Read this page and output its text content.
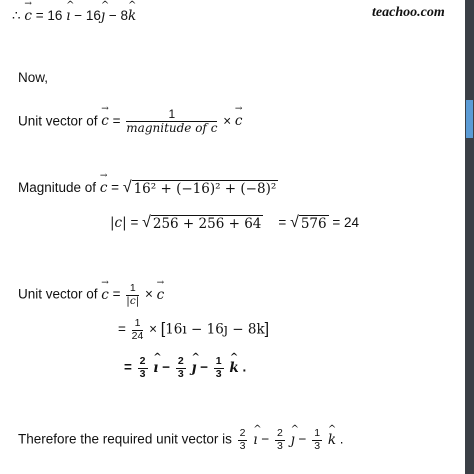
teachoo.com
∴ → c = 16 ^ ı − 16^ ȷ − 8^ k
Now,
Unit vector of → $c = \frac{1}{\text{magnitude of c}}$ × → c
Magnitude of → c = √ 16² + (−16)² + (−8)²
|c| = √ 256 + 256 + 64 = √ 576 = 24
Unit vector of → $c = \frac{1}{|c|}$ × → c
= $\frac{1}{24}$ × [16ı − 16ȷ − 8k]
= $\frac{2}{3}$ ^ ı − $\frac{2}{3}$ ^ ȷ − $\frac{1}{3}$ ^ k .
Therefore the required unit vector is $\frac{2}{3}$ ^ ı − $\frac{2}{3}$ ^ ȷ − $\frac{1}{3}$ ^ k .
